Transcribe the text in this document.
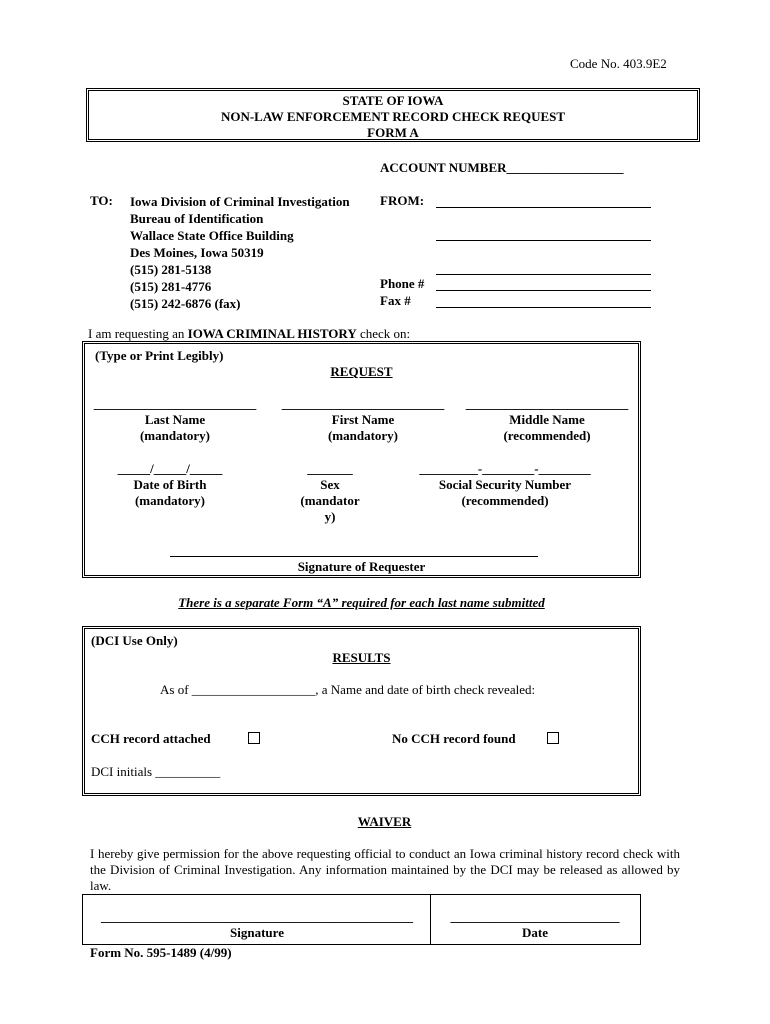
Code No. 403.9E2
STATE OF IOWA
NON-LAW ENFORCEMENT RECORD CHECK REQUEST
FORM A
ACCOUNT NUMBER__________________
TO: Iowa Division of Criminal Investigation
Bureau of Identification
Wallace State Office Building
Des Moines, Iowa 50319
(515) 281-5138
(515) 281-4776
(515) 242-6876 (fax)
FROM:
Phone #
Fax #
I am requesting an IOWA CRIMINAL HISTORY check on:
(Type or Print Legibly)
REQUEST
_________________________
Last Name
(mandatory)
_________________________
First Name
(mandatory)
_________________________
Middle Name
(recommended)
_____/_____/_____
Date of Birth
(mandatory)
_______
Sex
(mandator
y)
_________-________-________
Social Security Number
(recommended)
Signature of Requester
There is a separate Form “A” required for each last name submitted
(DCI Use Only)
RESULTS
As of ___________________, a Name and date of birth check revealed:
CCH record attached	No CCH record found
DCI initials __________
WAIVER
I hereby give permission for the above requesting official to conduct an Iowa criminal history record check with the Division of Criminal Investigation. Any information maintained by the DCI may be released as allowed by law.
________________________________________________
Signature
__________________________
Date
Form No. 595-1489 (4/99)
